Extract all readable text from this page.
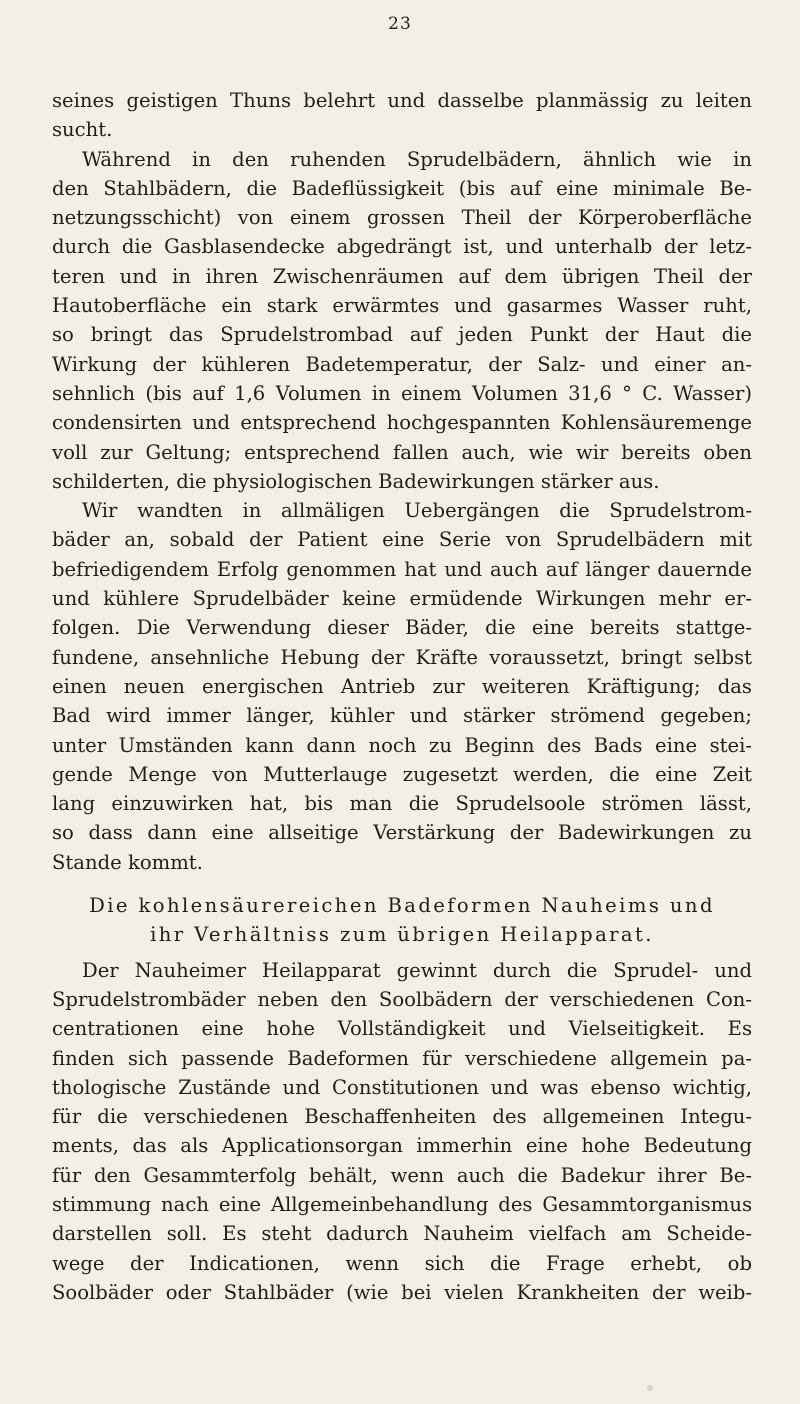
23
seines geistigen Thuns belehrt und dasselbe planmässig zu leiten
sucht.
Während in den ruhenden Sprudelbädern, ähnlich wie in
den Stahlbädern, die Badeflüssigkeit (bis auf eine minimale Be-
netzungsschicht) von einem grossen Theil der Körperoberfläche
durch die Gasblasendecke abgedrängt ist, und unterhalb der letz-
teren und in ihren Zwischenräumen auf dem übrigen Theil der
Hautoberfläche ein stark erwärmtes und gasarmes Wasser ruht,
so bringt das Sprudelstrombad auf jeden Punkt der Haut die
Wirkung der kühleren Badetemperatur, der Salz- und einer an-
sehnlich (bis auf 1,6 Volumen in einem Volumen 31,6 ° C. Wasser)
condensirten und entsprechend hochgespannten Kohlensäuremenge
voll zur Geltung; entsprechend fallen auch, wie wir bereits oben
schilderten, die physiologischen Badewirkungen stärker aus.
Wir wandten in allmäligen Uebergängen die Sprudelstrom-
bäder an, sobald der Patient eine Serie von Sprudelbädern mit
befriedigendem Erfolg genommen hat und auch auf länger dauernde
und kühlere Sprudelbäder keine ermüdende Wirkungen mehr er-
folgen. Die Verwendung dieser Bäder, die eine bereits stattge-
fundene, ansehnliche Hebung der Kräfte voraussetzt, bringt selbst
einen neuen energischen Antrieb zur weiteren Kräftigung; das
Bad wird immer länger, kühler und stärker strömend gegeben;
unter Umständen kann dann noch zu Beginn des Bads eine stei-
gende Menge von Mutterlauge zugesetzt werden, die eine Zeit
lang einzuwirken hat, bis man die Sprudelsoole strömen lässt,
so dass dann eine allseitige Verstärkung der Badewirkungen zu
Stande kommt.
Die kohlensäurereichen Badeformen Nauheims und
ihr Verhältniss zum übrigen Heilapparat.
Der Nauheimer Heilapparat gewinnt durch die Sprudel- und
Sprudelstrombäder neben den Soolbädern der verschiedenen Con-
centrationen eine hohe Vollständigkeit und Vielseitigkeit. Es
finden sich passende Badeformen für verschiedene allgemein pa-
thologische Zustände und Constitutionen und was ebenso wichtig,
für die verschiedenen Beschaffenheiten des allgemeinen Integu-
ments, das als Applicationsorgan immerhin eine hohe Bedeutung
für den Gesammterfolg behält, wenn auch die Badekur ihrer Be-
stimmung nach eine Allgemeinbehandlung des Gesammtorganismus
darstellen soll. Es steht dadurch Nauheim vielfach am Scheide-
wege der Indicationen, wenn sich die Frage erhebt, ob
Soolbäder oder Stahlbäder (wie bei vielen Krankheiten der weib-
